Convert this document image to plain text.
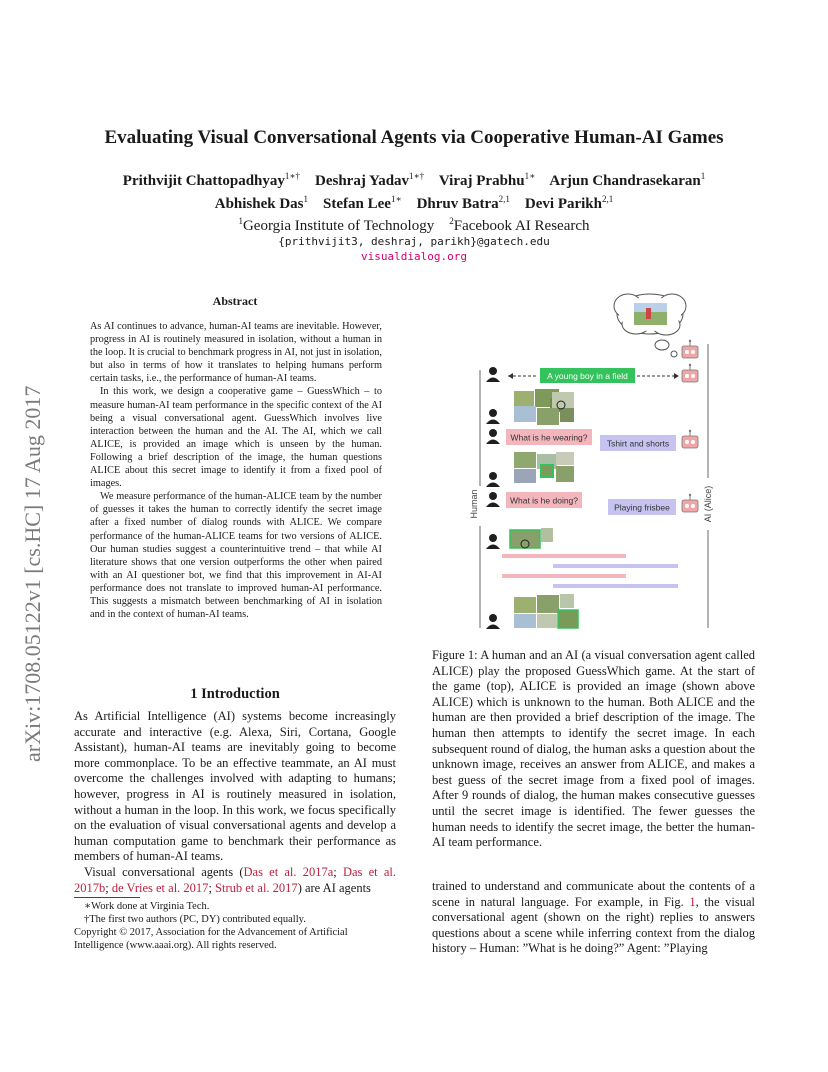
arXiv:1708.05122v1 [cs.HC] 17 Aug 2017
Evaluating Visual Conversational Agents via Cooperative Human-AI Games
Prithvijit Chattopadhyay$^{1∗\dagger}$ Deshraj Yadav$^{1∗\dagger}$ Viraj Prabhu$^{1∗}$ Arjun Chandrasekaran$^1$
Abhishek Das$^1$ Stefan Lee$^{1∗}$ Dhruv Batra$^{2,1}$ Devi Parikh$^{2,1}$
$^1$Georgia Institute of Technology $^2$Facebook AI Research
{prithvijit3, deshraj, parikh}@gatech.edu
visualdialog.org
Abstract

As AI continues to advance, human-AI teams are inevitable. However, progress in AI is routinely measured in isolation, without a human in the loop. It is crucial to benchmark progress in AI, not just in isolation, but also in terms of how it translates to helping humans perform certain tasks, i.e., the performance of human-AI teams.

In this work, we design a cooperative game – GuessWhich – to measure human-AI team performance in the specific context of the AI being a visual conversational agent. GuessWhich involves live interaction between the human and the AI. The AI, which we call ALICE, is provided an image which is unseen by the human. Following a brief description of the image, the human questions ALICE about this secret image to identify it from a fixed pool of images.

We measure performance of the human-ALICE team by the number of guesses it takes the human to correctly identify the secret image after a fixed number of dialog rounds with ALICE. We compare performance of the human-ALICE teams for two versions of ALICE. Our human studies suggest a counterintuitive trend – that while AI literature shows that one version outperforms the other when paired with an AI questioner bot, we find that this improvement in AI-AI performance does not translate to improved human-AI performance. This suggests a mismatch between benchmarking of AI in isolation and in the context of human-AI teams.

1 Introduction

As Artificial Intelligence (AI) systems become increasingly accurate and interactive (e.g. Alexa, Siri, Cortana, Google Assistant), human-AI teams are inevitably going to become more commonplace. To be an effective teammate, an AI must overcome the challenges involved with adapting to humans; however, progress in AI is routinely measured in isolation, without a human in the loop. In this work, we focus specifically on the evaluation of visual conversational agents and develop a human computation game to benchmark their performance as members of human-AI teams.

Visual conversational agents (Das et al. 2017a; Das et al. 2017b; de Vries et al. 2017; Strub et al. 2017) are AI agents

∗Work done at Virginia Tech.

†The first two authors (PC, DY) contributed equally.

Copyright © 2017, Association for the Advancement of Artificial Intelligence (www.aaai.org). All rights reserved.

A young boy in a field
What is he wearing?
Tshirt and shorts
What is he doing?
Playing frisbee
Human	AI (Alice)
Figure 1: A human and an AI (a visual conversation agent called ALICE) play the proposed GuessWhich game. At the start of the game (top), ALICE is provided an image (shown above ALICE) which is unknown to the human. Both ALICE and the human are then provided a brief description of the image. The human then attempts to identify the secret image. In each subsequent round of dialog, the human asks a question about the unknown image, receives an answer from ALICE, and makes a best guess of the secret image from a fixed pool of images. After 9 rounds of dialog, the human makes consecutive guesses until the secret image is identified. The fewer guesses the human needs to identify the secret image, the better the human-AI team performance.

trained to understand and communicate about the contents of a scene in natural language. For example, in Fig. 1, the visual conversational agent (shown on the right) replies to answers questions about a scene while inferring context from the dialog history – Human: ”What is he doing?” Agent: ”Playing
